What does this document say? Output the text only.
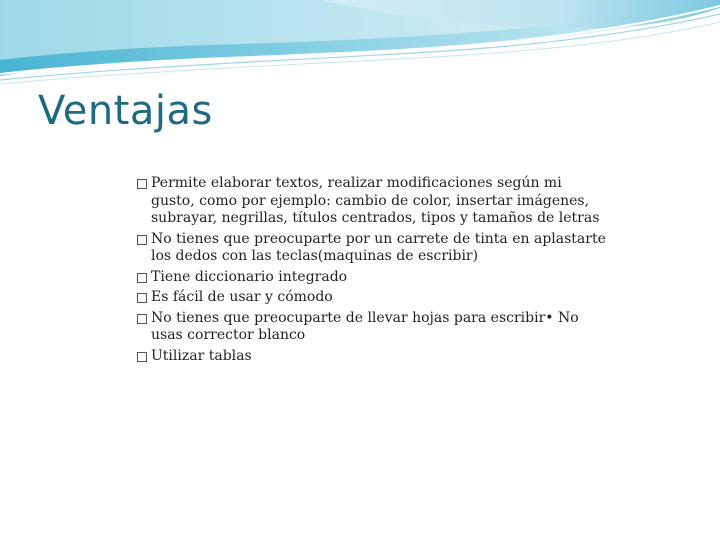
Ventajas
Permite elaborar textos, realizar modificaciones según mi gusto, como por ejemplo: cambio de color, insertar imágenes, subrayar, negrillas, títulos centrados, tipos y tamaños de letras
No tienes que preocuparte por un carrete de tinta en aplastarte los dedos con las teclas(maquinas de escribir)
Tiene diccionario integrado
Es fácil de usar y cómodo
No tienes que preocuparte de llevar hojas para escribir• No usas corrector blanco
Utilizar tablas
